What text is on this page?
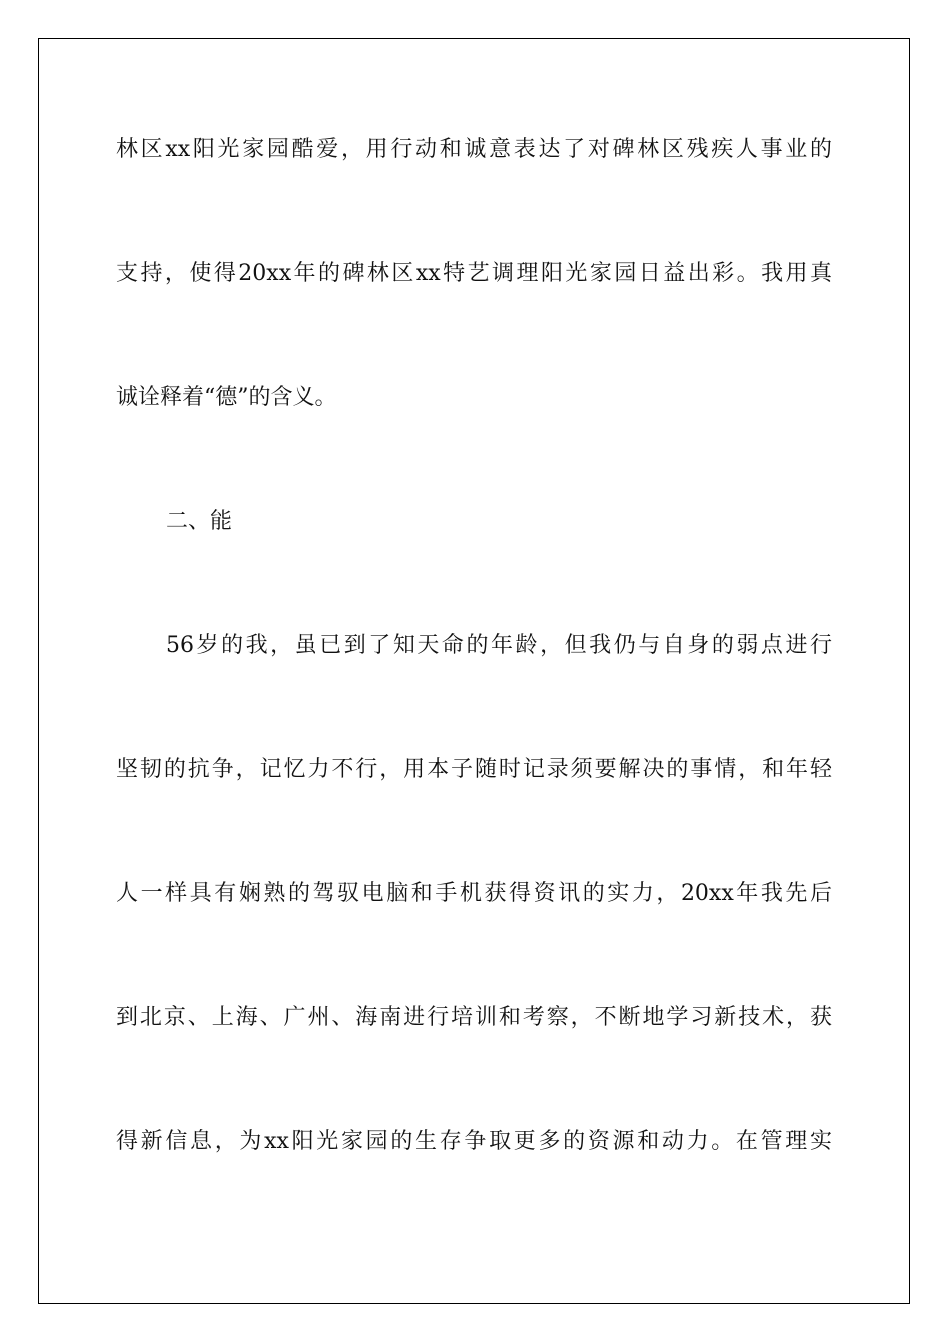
林区xx阳光家园酷爱，用行动和诚意表达了对碑林区残疾人事业的
支持，使得20xx年的碑林区xx特艺调理阳光家园日益出彩。我用真
诚诠释着“德”的含义。
二、能
56岁的我，虽已到了知天命的年龄，但我仍与自身的弱点进行
坚韧的抗争，记忆力不行，用本子随时记录须要解决的事情，和年轻
人一样具有娴熟的驾驭电脑和手机获得资讯的实力，20xx年我先后
到北京、上海、广州、海南进行培训和考察，不断地学习新技术，获
得新信息，为xx阳光家园的生存争取更多的资源和动力。在管理实
